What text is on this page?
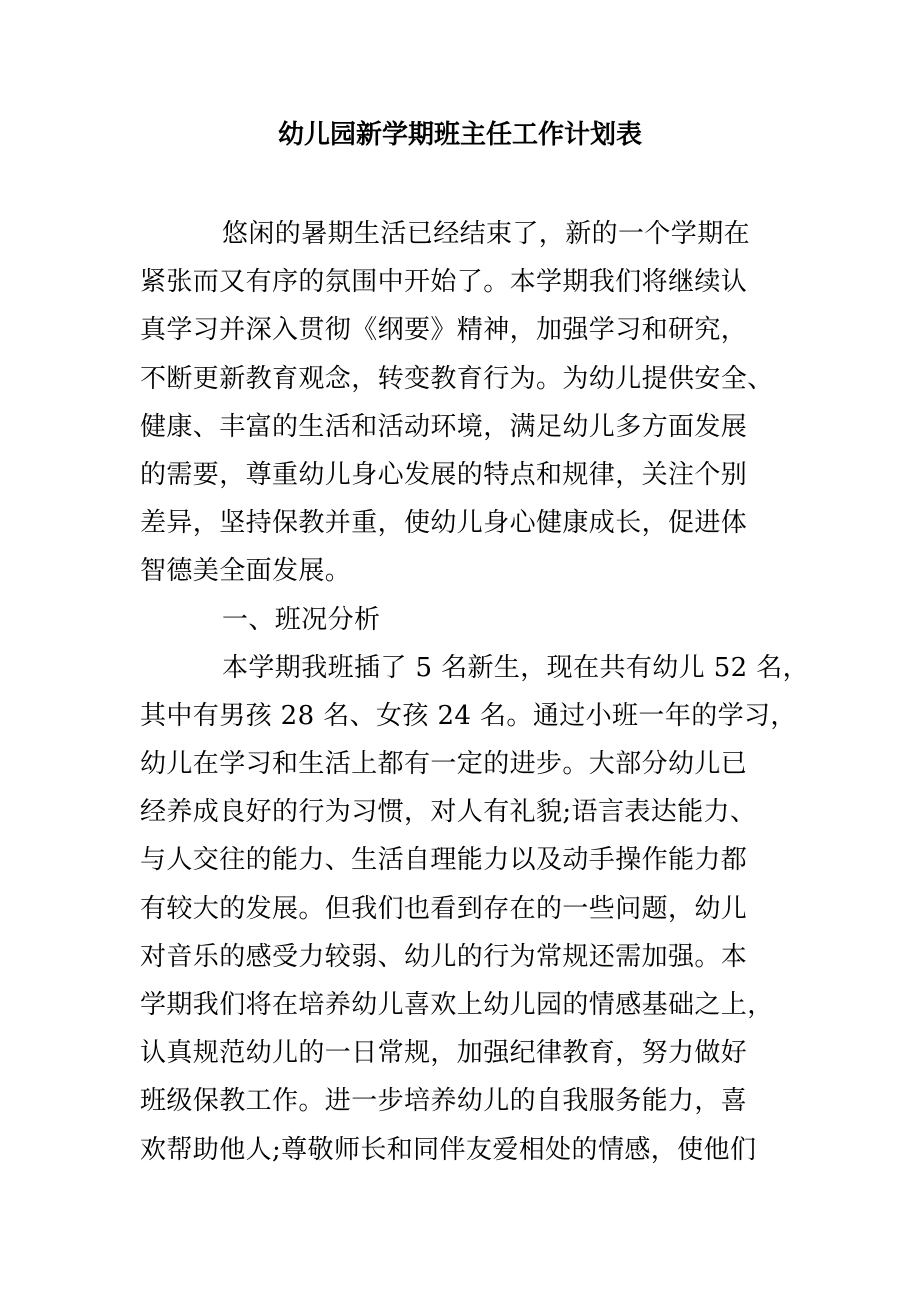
幼儿园新学期班主任工作计划表
悠闲的暑期生活已经结束了，新的一个学期在
紧张而又有序的氛围中开始了。本学期我们将继续认
真学习并深入贯彻《纲要》精神，加强学习和研究，
不断更新教育观念，转变教育行为。为幼儿提供安全、
健康、丰富的生活和活动环境，满足幼儿多方面发展
的需要，尊重幼儿身心发展的特点和规律，关注个别
差异，坚持保教并重，使幼儿身心健康成长，促进体
智德美全面发展。
一、班况分析
本学期我班插了 5 名新生，现在共有幼儿 52 名，
其中有男孩 28 名、女孩 24 名。通过小班一年的学习，
幼儿在学习和生活上都有一定的进步。大部分幼儿已
经养成良好的行为习惯，对人有礼貌;语言表达能力、
与人交往的能力、生活自理能力以及动手操作能力都
有较大的发展。但我们也看到存在的一些问题，幼儿
对音乐的感受力较弱、幼儿的行为常规还需加强。本
学期我们将在培养幼儿喜欢上幼儿园的情感基础之上，
认真规范幼儿的一日常规，加强纪律教育，努力做好
班级保教工作。进一步培养幼儿的自我服务能力，喜
欢帮助他人;尊敬师长和同伴友爱相处的情感，使他们
